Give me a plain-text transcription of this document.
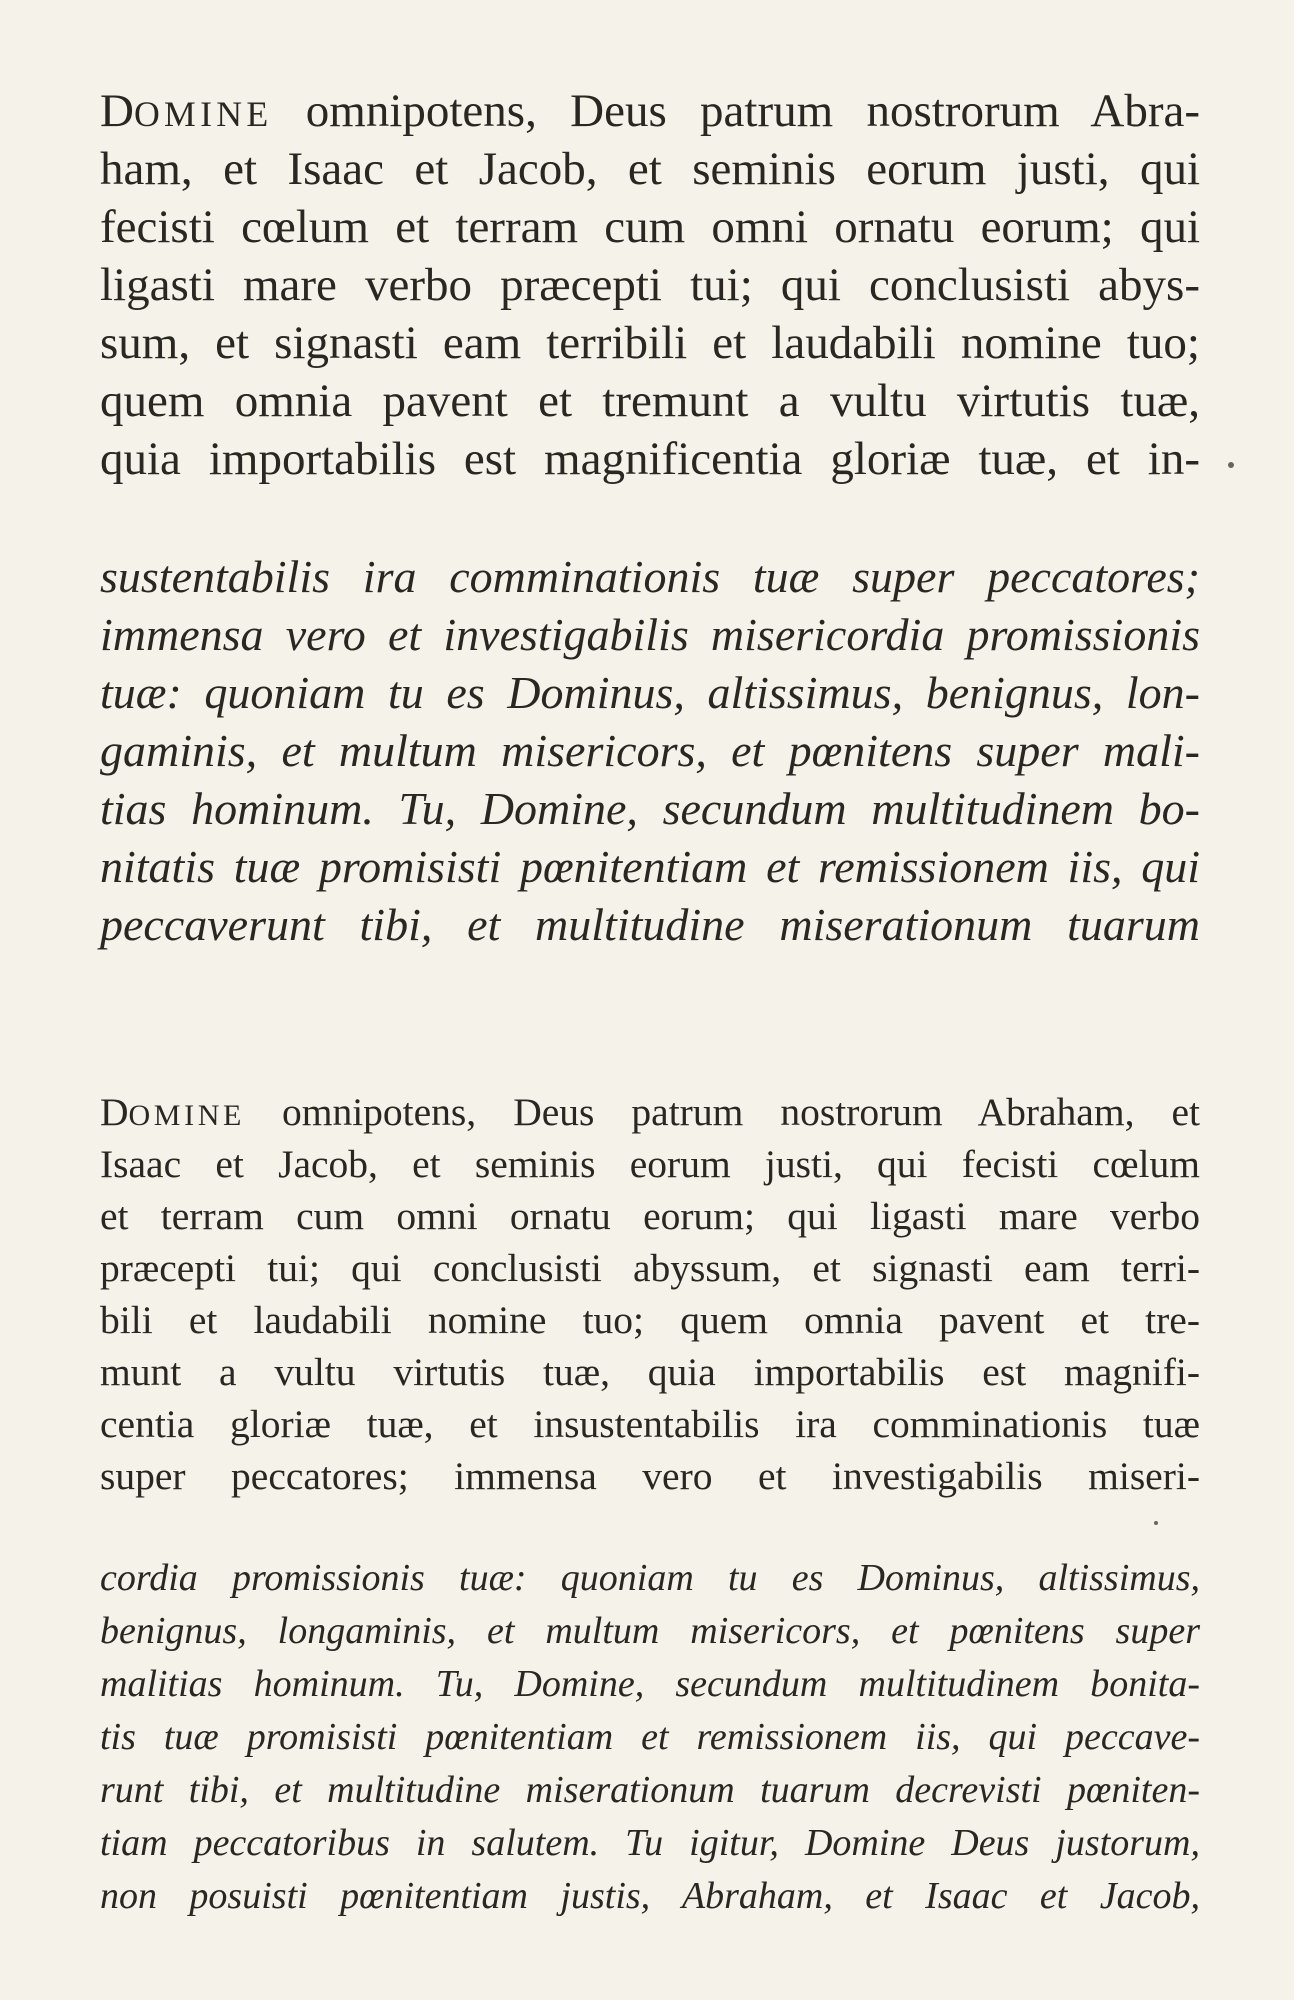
DOMINE omnipotens, Deus patrum nostrorum Abra-
ham, et Isaac et Jacob, et seminis eorum justi, qui
fecisti cœlum et terram cum omni ornatu eorum; qui
ligasti mare verbo præcepti tui; qui conclusisti abys-
sum, et signasti eam terribili et laudabili nomine tuo;
quem omnia pavent et tremunt a vultu virtutis tuæ,
quia importabilis est magnificentia gloriæ tuæ, et in-
sustentabilis ira comminationis tuæ super peccatores;
immensa vero et investigabilis misericordia promissionis
tuæ: quoniam tu es Dominus, altissimus, benignus, lon-
gaminis, et multum misericors, et pœnitens super mali-
tias hominum. Tu, Domine, secundum multitudinem bo-
nitatis tuæ promisisti pœnitentiam et remissionem iis, qui
peccaverunt tibi, et multitudine miserationum tuarum
DOMINE omnipotens, Deus patrum nostrorum Abraham, et
Isaac et Jacob, et seminis eorum justi, qui fecisti cœlum
et terram cum omni ornatu eorum; qui ligasti mare verbo
præcepti tui; qui conclusisti abyssum, et signasti eam terri-
bili et laudabili nomine tuo; quem omnia pavent et tre-
munt a vultu virtutis tuæ, quia importabilis est magnifi-
centia gloriæ tuæ, et insustentabilis ira comminationis tuæ
super peccatores; immensa vero et investigabilis miseri-
cordia promissionis tuæ: quoniam tu es Dominus, altissimus,
benignus, longaminis, et multum misericors, et pœnitens super
malitias hominum. Tu, Domine, secundum multitudinem bonita-
tis tuæ promisisti pœnitentiam et remissionem iis, qui peccave-
runt tibi, et multitudine miserationum tuarum decrevisti pœniten-
tiam peccatoribus in salutem. Tu igitur, Domine Deus justorum,
non posuisti pœnitentiam justis, Abraham, et Isaac et Jacob,
